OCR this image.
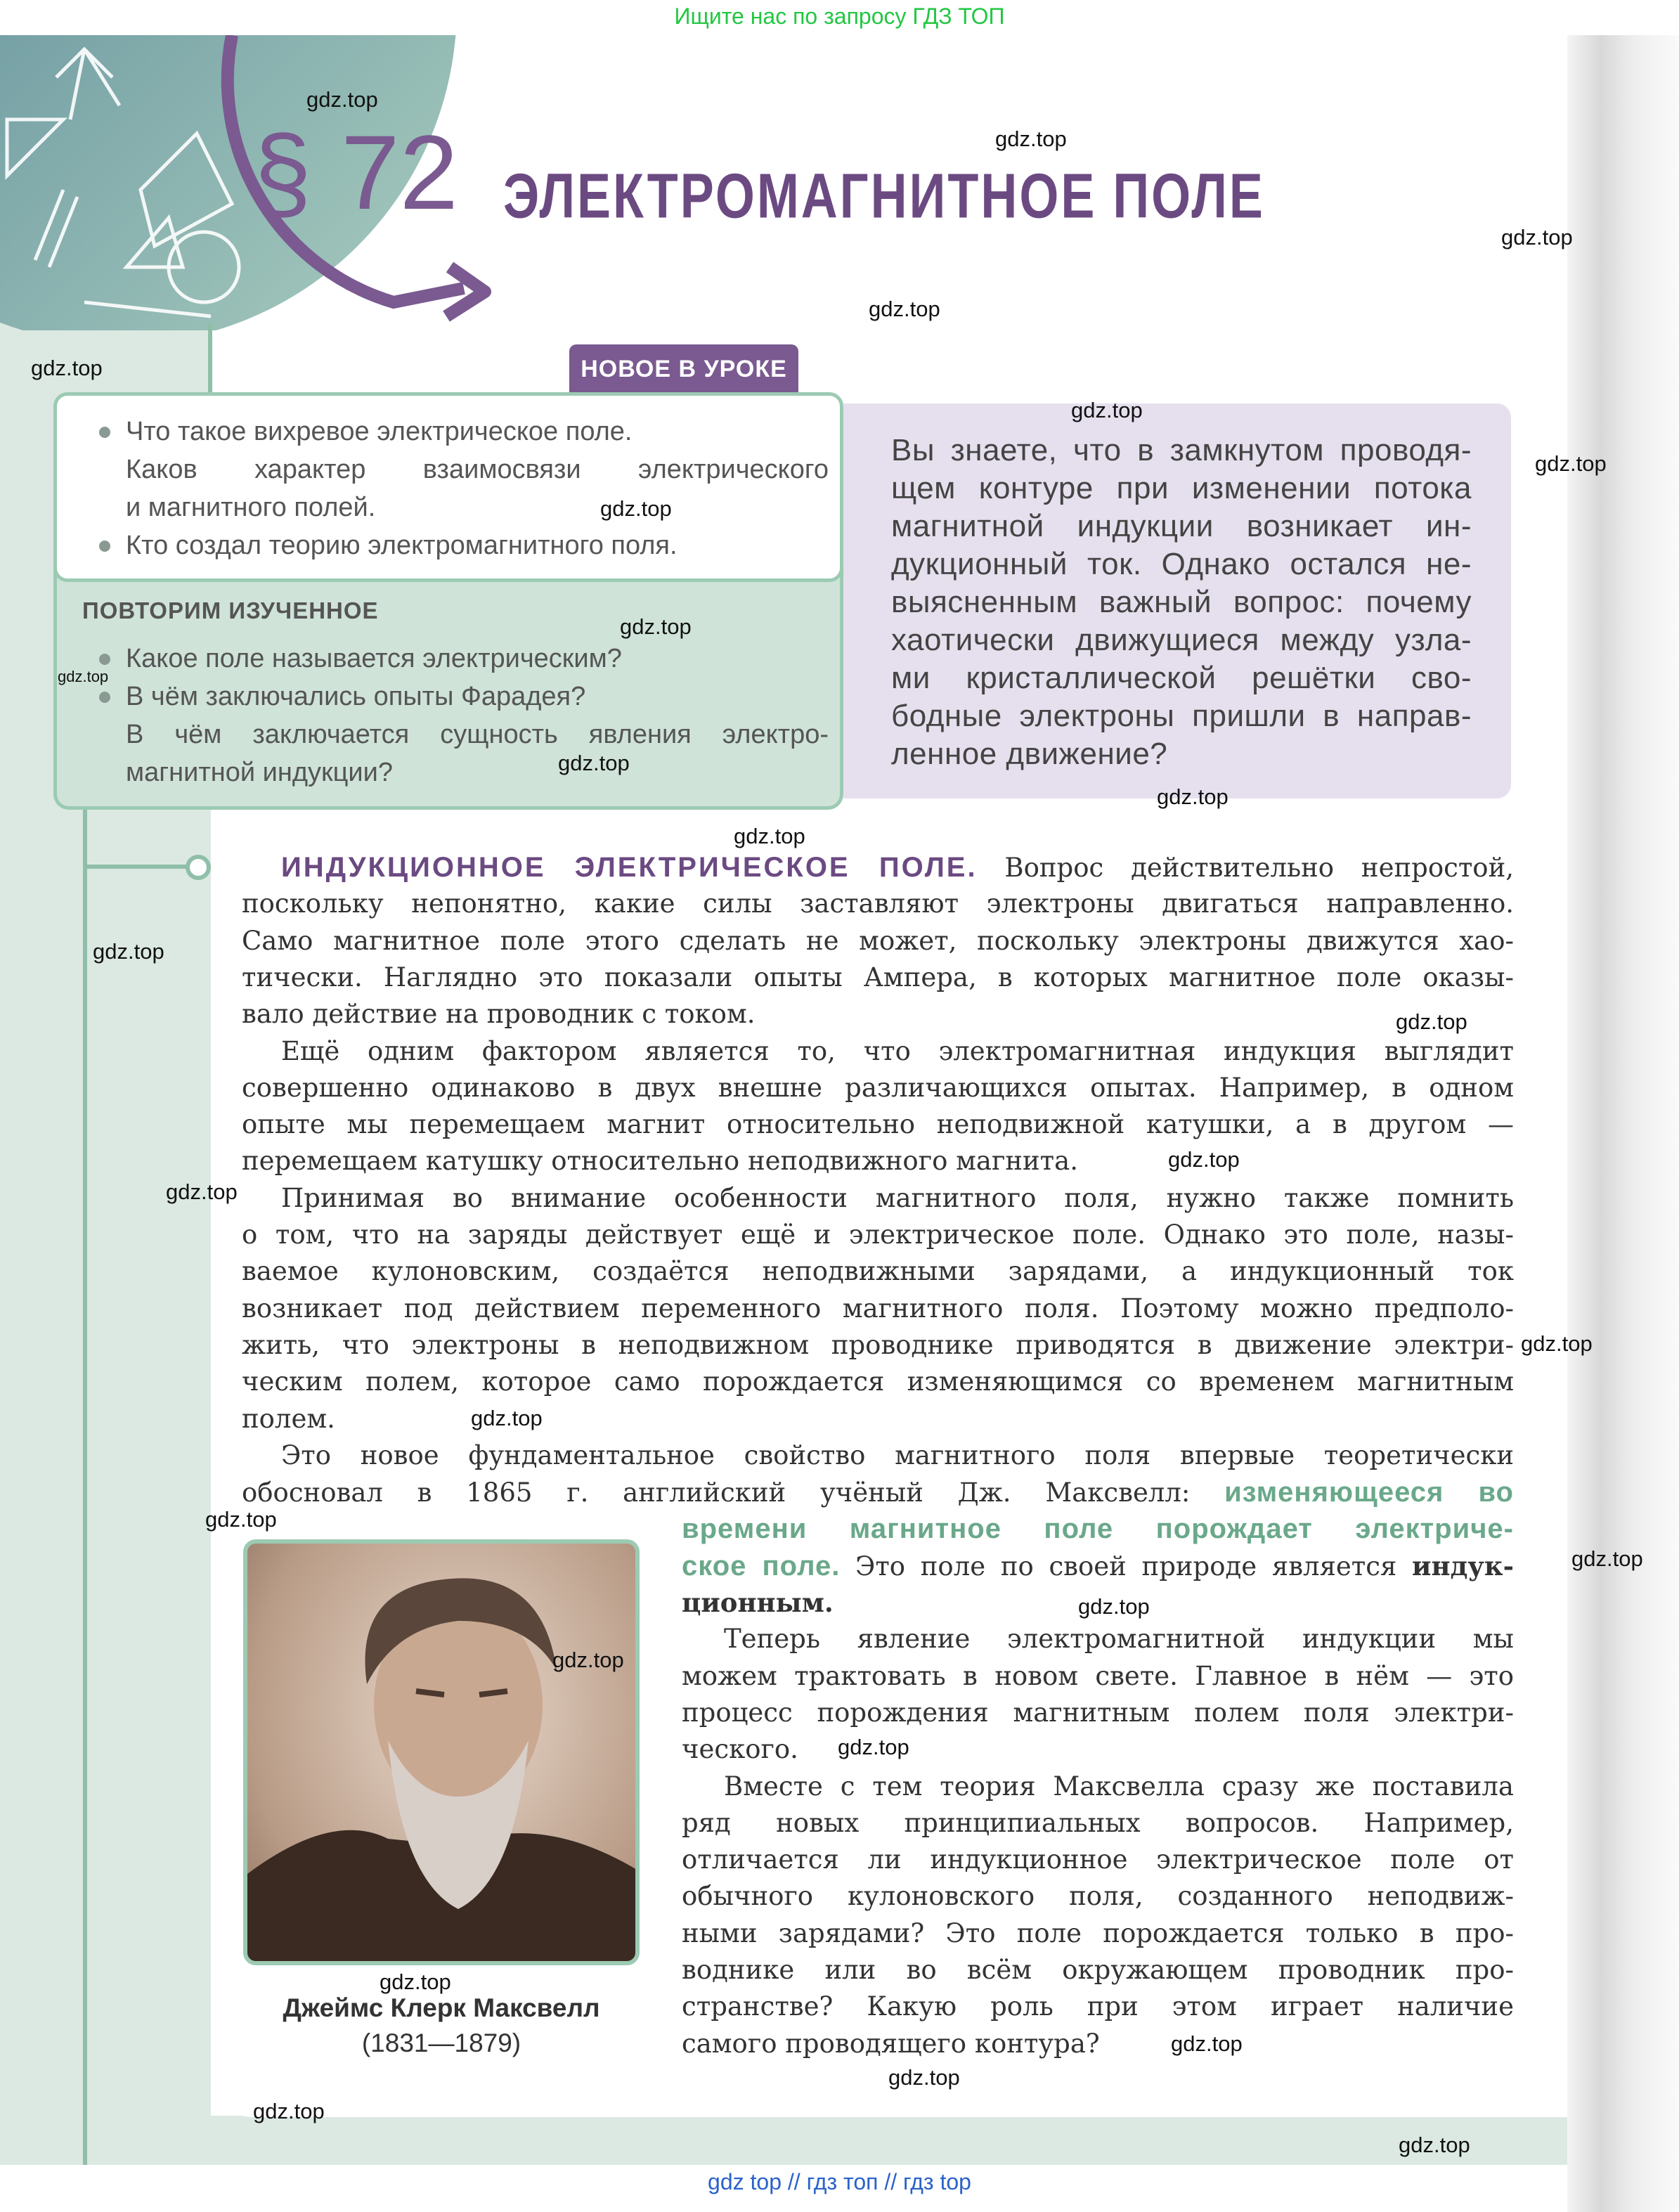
Ищите нас по запросу ГДЗ ТОП
§ 72 ЭЛЕКТРОМАГНИТНОЕ ПОЛЕ
НОВОЕ В УРОКЕ
Что такое вихревое электрическое поле.
Каков характер взаимосвязи электрического
и магнитного полей.
Кто создал теорию электромагнитного поля.
ПОВТОРИМ ИЗУЧЕННОЕ
Какое поле называется электрическим?
В чём заключались опыты Фарадея?
В чём заключается сущность явления электро-
магнитной индукции?
Вы знаете, что в замкнутом проводя-
щем контуре при изменении потока
магнитной индукции возникает ин-
дукционный ток. Однако остался не-
выясненным важный вопрос: почему
хаотически движущиеся между узла-
ми кристаллической решётки сво-
бодные электроны пришли в направ-
ленное движение?
ИНДУКЦИОННОЕ ЭЛЕКТРИЧЕСКОЕ ПОЛЕ. Вопрос действительно непростой,
поскольку непонятно, какие силы заставляют электроны двигаться направленно.
Само магнитное поле этого сделать не может, поскольку электроны движутся хао-
тически. Наглядно это показали опыты Ампера, в которых магнитное поле оказы-
вало действие на проводник с током.
Ещё одним фактором является то, что электромагнитная индукция выглядит
совершенно одинаково в двух внешне различающихся опытах. Например, в одном
опыте мы перемещаем магнит относительно неподвижной катушки, а в другом —
перемещаем катушку относительно неподвижного магнита.
Принимая во внимание особенности магнитного поля, нужно также помнить
о том, что на заряды действует ещё и электрическое поле. Однако это поле, назы-
ваемое кулоновским, создаётся неподвижными зарядами, а индукционный ток
возникает под действием переменного магнитного поля. Поэтому можно предполо-
жить, что электроны в неподвижном проводнике приводятся в движение электри-
ческим полем, которое само порождается изменяющимся со временем магнитным
полем.
Это новое фундаментальное свойство магнитного поля впервые теоретически
обосновал в 1865 г. английский учёный Дж. Максвелл: изменяющееся во
времени магнитное поле порождает электриче-
ское поле. Это поле по своей природе является индук-
ционным.
Теперь явление электромагнитной индукции мы
можем трактовать в новом свете. Главное в нём — это
процесс порождения магнитным полем поля электри-
ческого.
Вместе с тем теория Максвелла сразу же поставила
ряд новых принципиальных вопросов. Например,
отличается ли индукционное электрическое поле от
обычного кулоновского поля, созданного неподвиж-
ными зарядами? Это поле порождается только в про-
воднике или во всём окружающем проводник про-
странстве? Какую роль при этом играет наличие
самого проводящего контура?
Джеймс Клерк Максвелл
(1831—1879)
gdz.top
gdz.top
gdz.top
gdz.top
gdz.top
gdz.top
gdz.top
gdz.top
gdz.top
gdz.top
gdz.top
gdz.top
gdz.top
gdz.top
gdz.top
gdz.top
gdz.top
gdz.top
gdz.top
gdz.top
gdz.top
gdz.top
gdz.top
gdz.top
gdz.top
gdz.top
gdz.top
gdz.top
gdz.top
gdz top // гдз топ // гдз top
